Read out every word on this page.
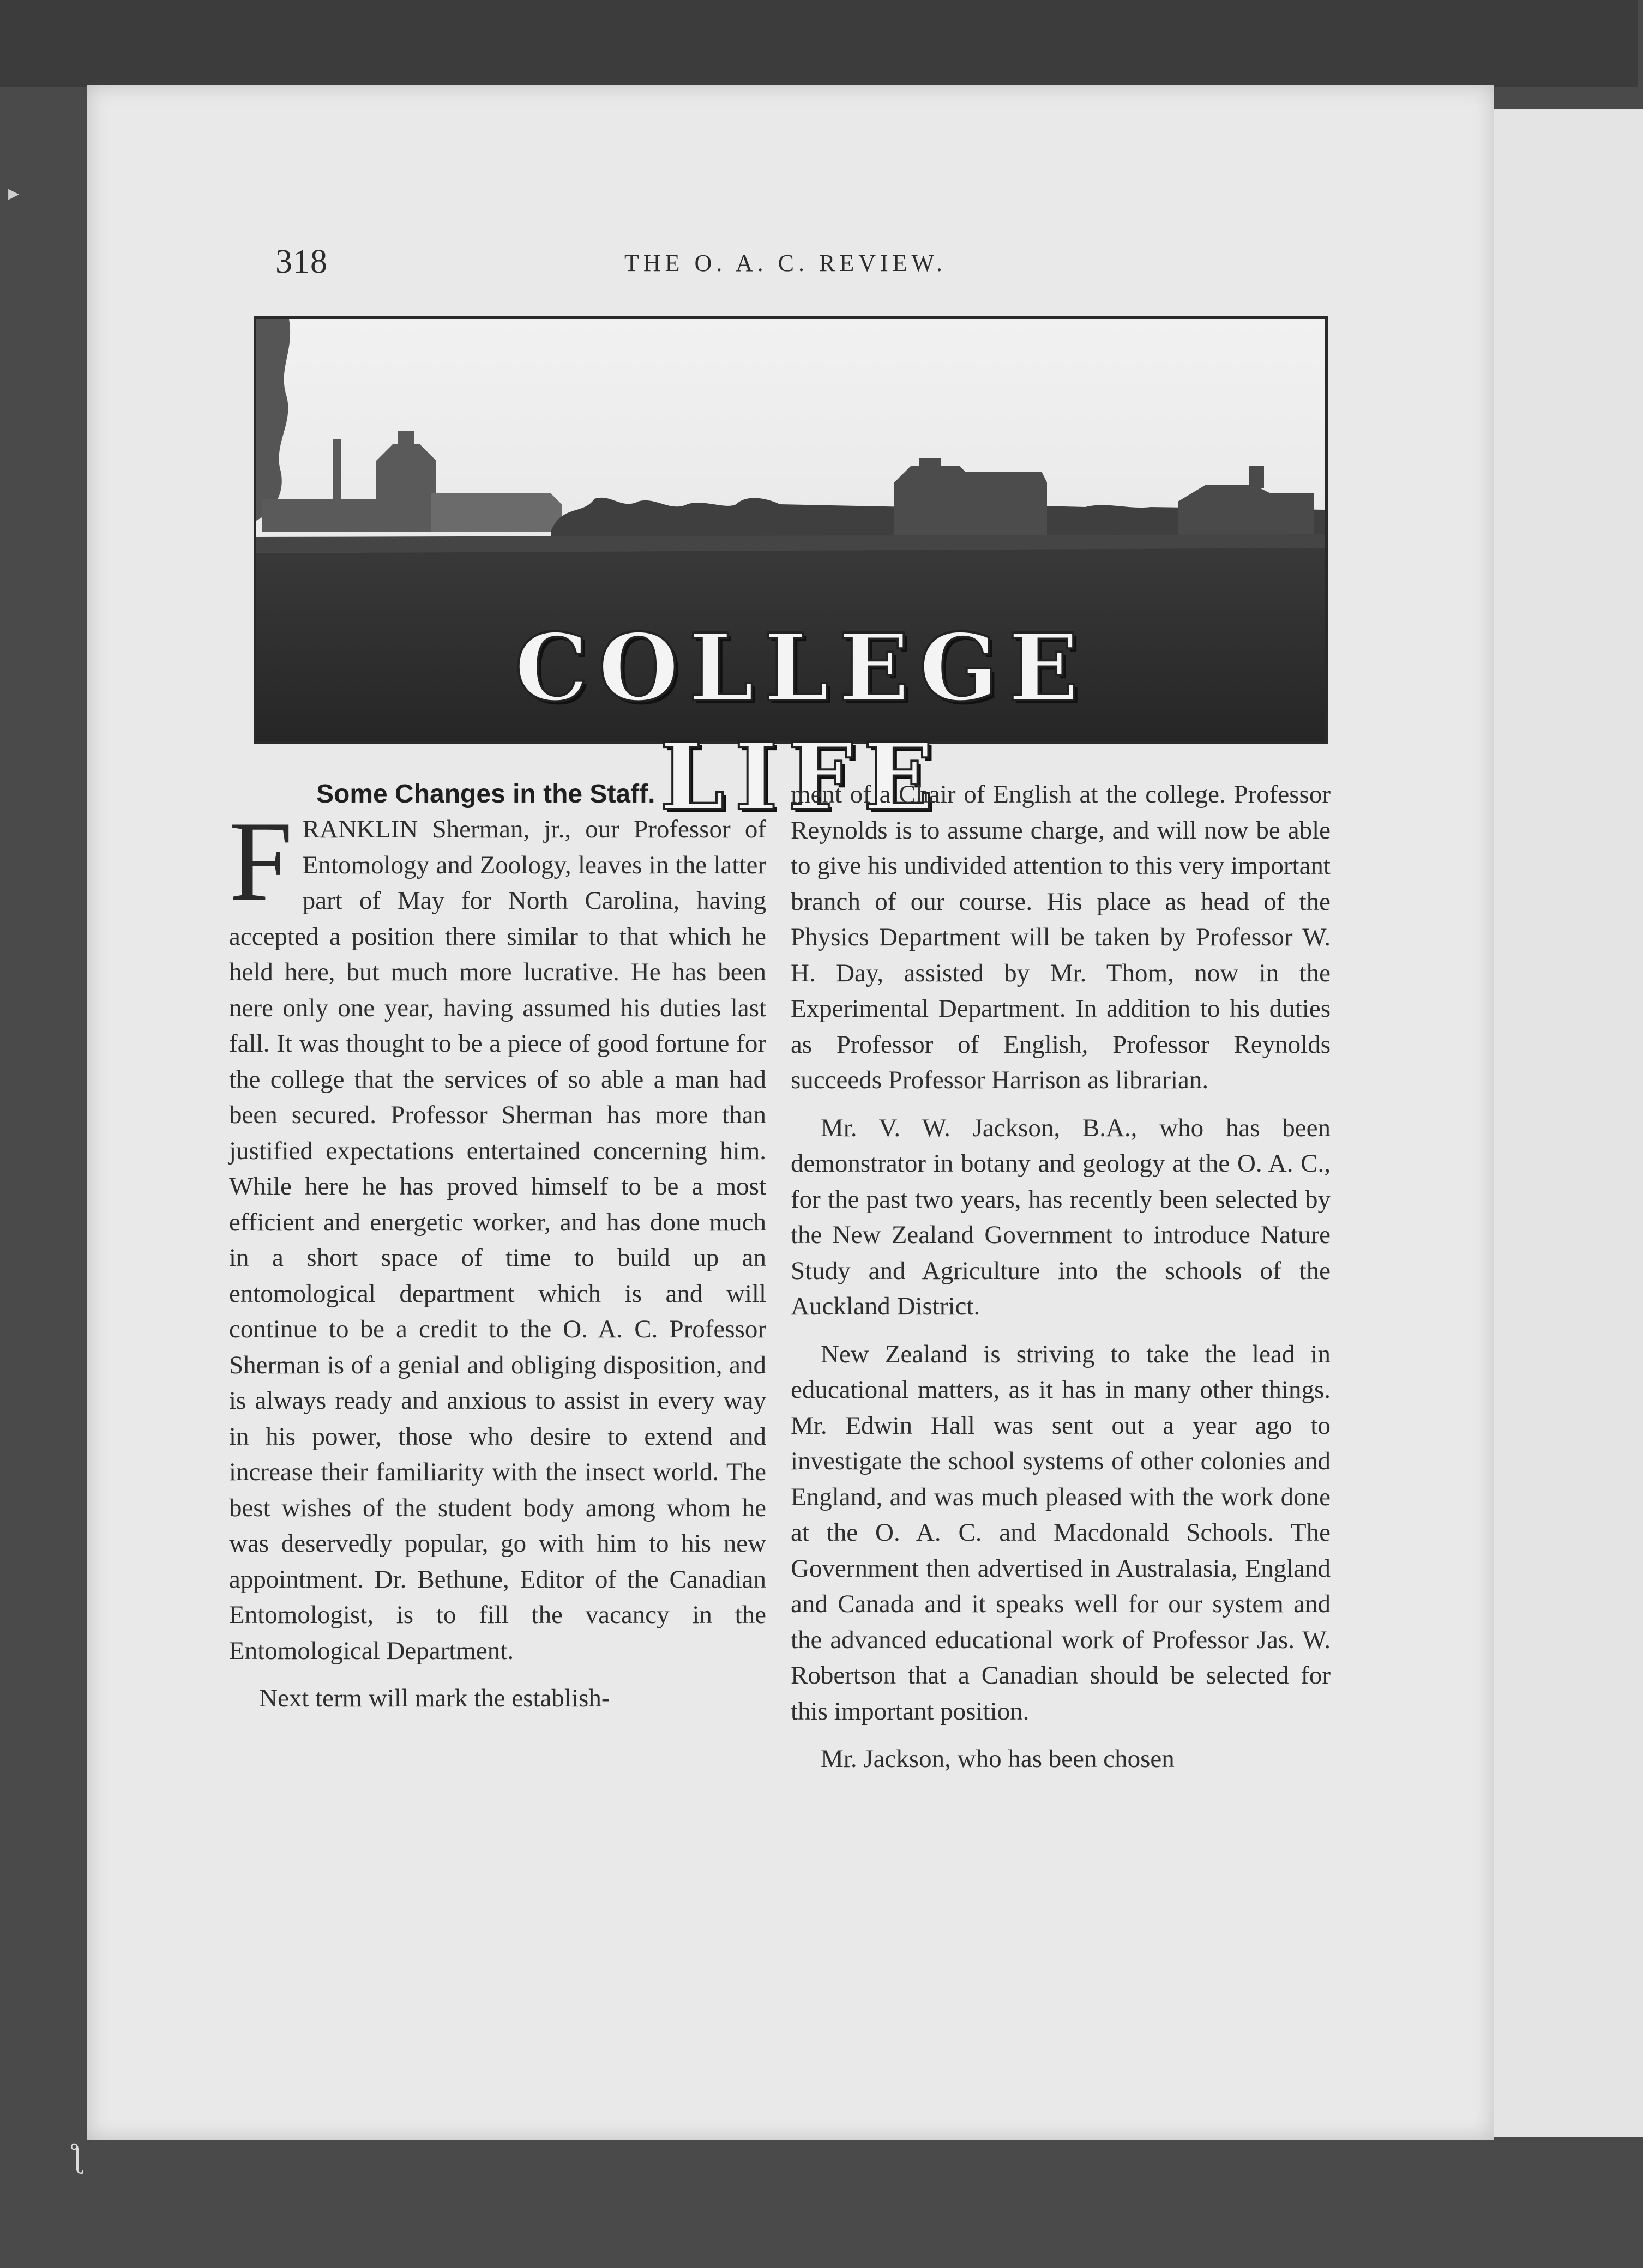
▸
318	THE O. A. C. REVIEW.
COLLEGE LIFE
Some Changes in the Staff.

FRANKLIN Sherman, jr., our Professor of Entomology and Zoology, leaves in the latter part of May for North Carolina, having accepted a position there similar to that which he held here, but much more lucrative. He has been nere only one year, having assumed his duties last fall. It was thought to be a piece of good fortune for the college that the services of so able a man had been secured. Professor Sherman has more than justified expectations entertained concerning him. While here he has proved himself to be a most efficient and energetic worker, and has done much in a short space of time to build up an entomological department which is and will continue to be a credit to the O. A. C. Professor Sherman is of a genial and obliging disposition, and is always ready and anxious to assist in every way in his power, those who desire to extend and increase their familiarity with the insect world. The best wishes of the student body among whom he was deservedly popular, go with him to his new appointment. Dr. Bethune, Editor of the Canadian Entomologist, is to fill the vacancy in the Entomological Department.

Next term will mark the establish-

ment of a Chair of English at the college. Professor Reynolds is to assume charge, and will now be able to give his undivided attention to this very important branch of our course. His place as head of the Physics Department will be taken by Professor W. H. Day, assisted by Mr. Thom, now in the Experimental Department. In addition to his duties as Professor of English, Professor Reynolds succeeds Professor Harrison as librarian.

Mr. V. W. Jackson, B.A., who has been demonstrator in botany and geology at the O. A. C., for the past two years, has recently been selected by the New Zealand Government to introduce Nature Study and Agriculture into the schools of the Auckland District.

New Zealand is striving to take the lead in educational matters, as it has in many other things. Mr. Edwin Hall was sent out a year ago to investigate the school systems of other colonies and England, and was much pleased with the work done at the O. A. C. and Macdonald Schools. The Government then advertised in Australasia, England and Canada and it speaks well for our system and the advanced educational work of Professor Jas. W. Robertson that a Canadian should be selected for this important position.

Mr. Jackson, who has been chosen

ƪ
